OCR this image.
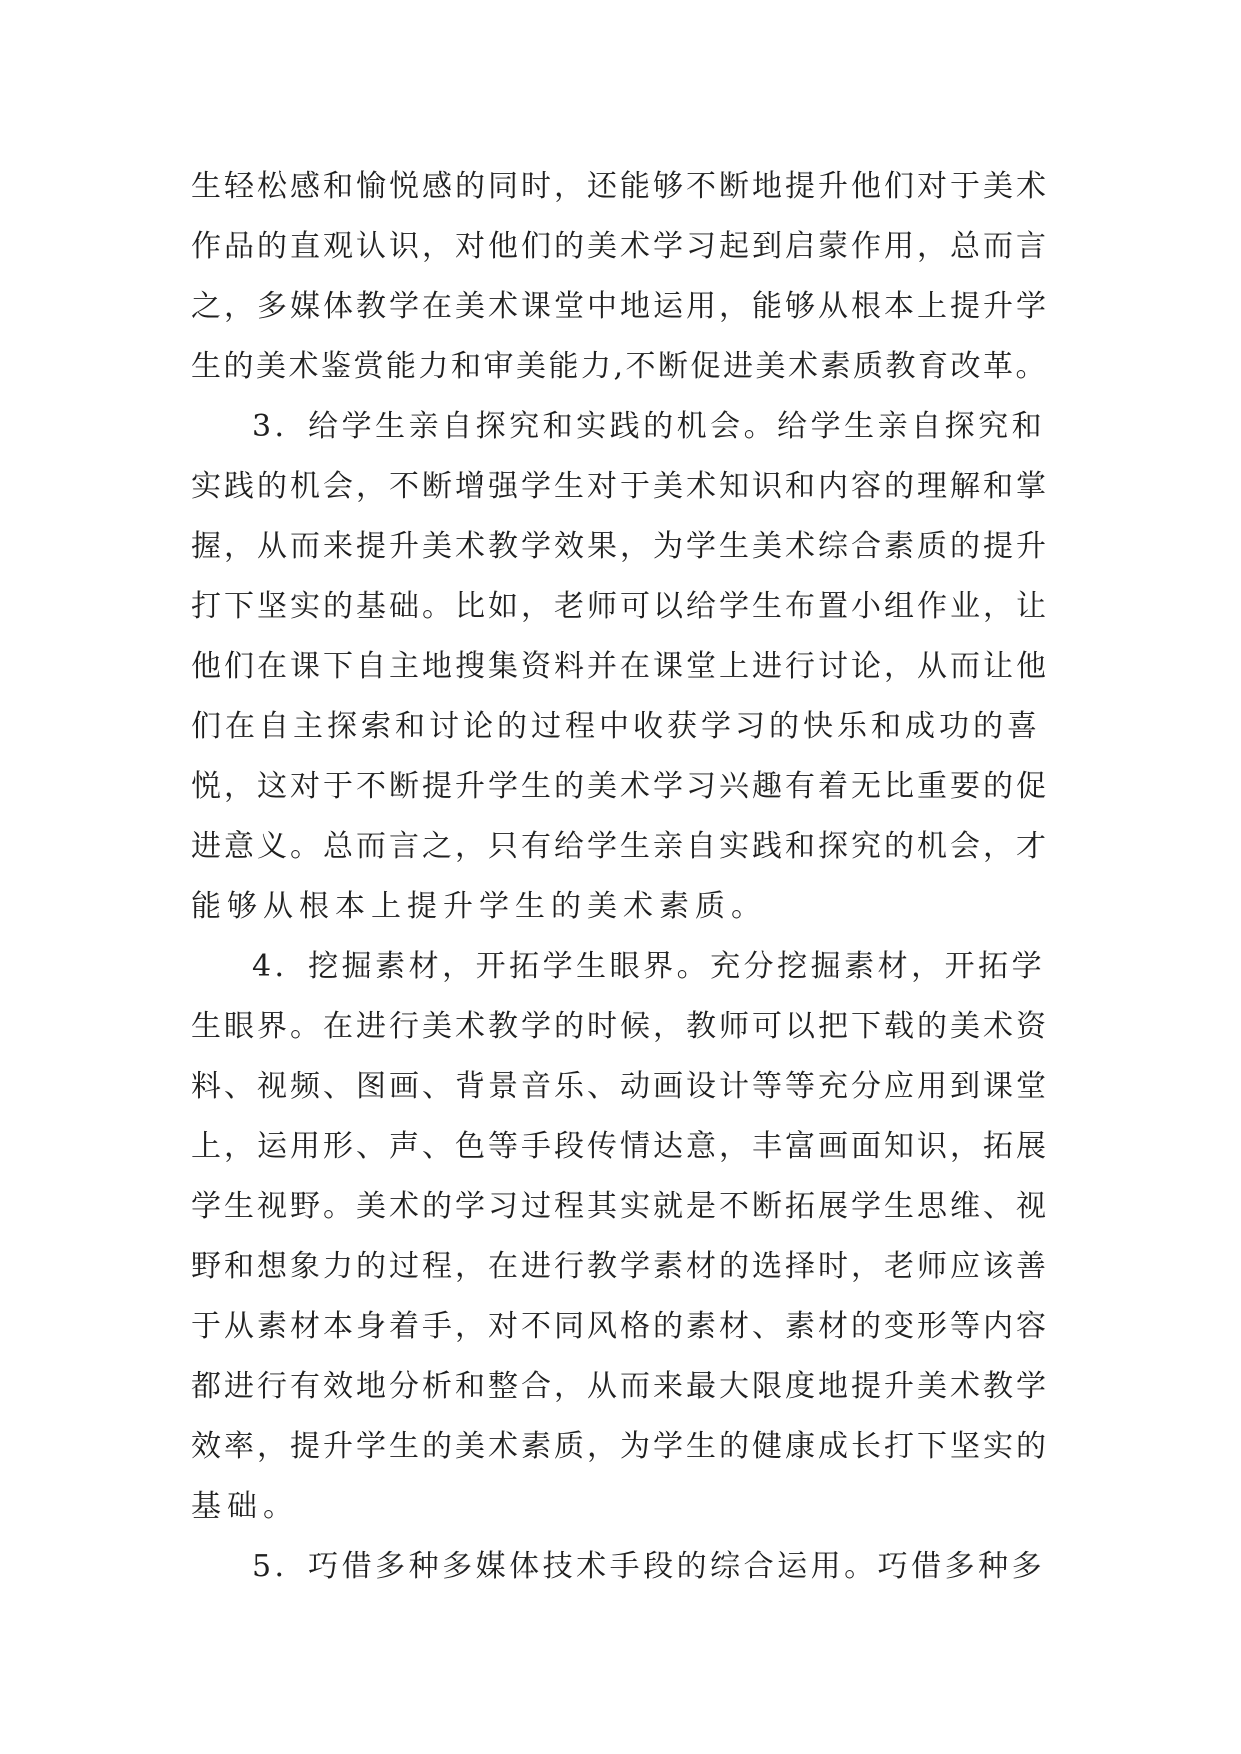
生轻松感和愉悦感的同时，还能够不断地提升他们对于美术
作品的直观认识，对他们的美术学习起到启蒙作用，总而言
之，多媒体教学在美术课堂中地运用，能够从根本上提升学
生的美术鉴赏能力和审美能力,不断促进美术素质教育改革。
3．给学生亲自探究和实践的机会。给学生亲自探究和
实践的机会，不断增强学生对于美术知识和内容的理解和掌
握，从而来提升美术教学效果，为学生美术综合素质的提升
打下坚实的基础。比如，老师可以给学生布置小组作业，让
他们在课下自主地搜集资料并在课堂上进行讨论，从而让他
们在自主探索和讨论的过程中收获学习的快乐和成功的喜
悦，这对于不断提升学生的美术学习兴趣有着无比重要的促
进意义。总而言之，只有给学生亲自实践和探究的机会，才
能够从根本上提升学生的美术素质。
4．挖掘素材，开拓学生眼界。充分挖掘素材，开拓学
生眼界。在进行美术教学的时候，教师可以把下载的美术资
料、视频、图画、背景音乐、动画设计等等充分应用到课堂
上，运用形、声、色等手段传情达意，丰富画面知识，拓展
学生视野。美术的学习过程其实就是不断拓展学生思维、视
野和想象力的过程，在进行教学素材的选择时，老师应该善
于从素材本身着手，对不同风格的素材、素材的变形等内容
都进行有效地分析和整合，从而来最大限度地提升美术教学
效率，提升学生的美术素质，为学生的健康成长打下坚实的
基础。
5．巧借多种多媒体技术手段的综合运用。巧借多种多
